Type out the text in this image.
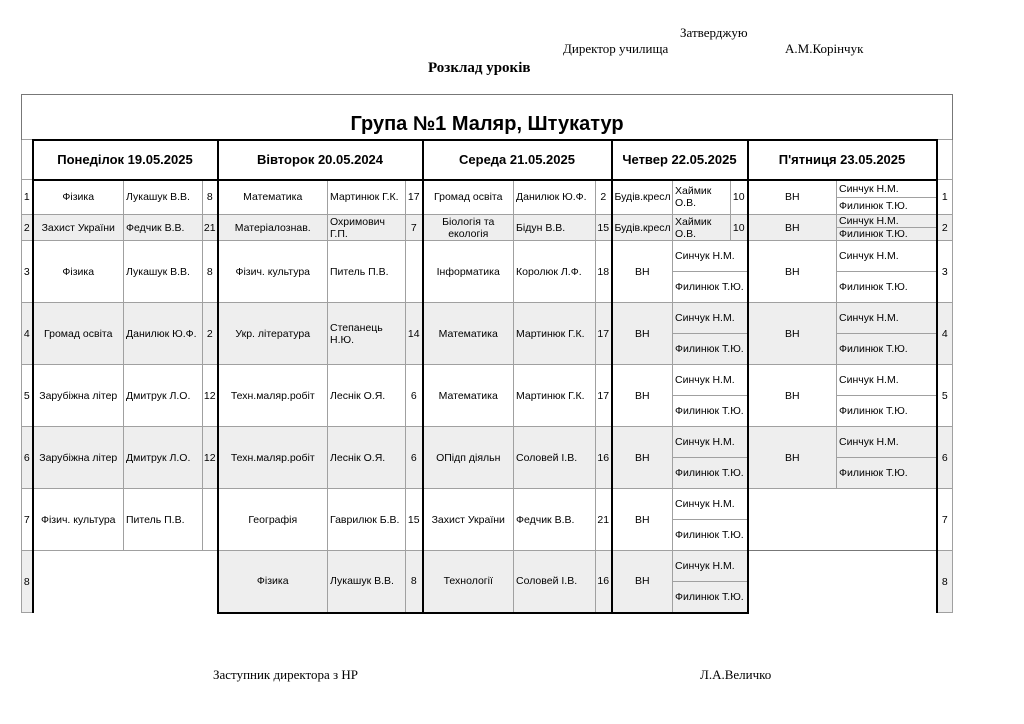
Затверджую
Директор училища	А.М.Корінчук
Розклад уроків
Група №1 Маляр, Штукатур															

	Понеділок 19.05.2025			Вівторок 20.05.2024			Середа 21.05.2025			Четвер 22.05.2025			П'ятниця 23.05.2025		
1	Фізика	Лукашук В.В.	8	Математика	Мартинюк Г.К.	17	Громад освіта	Данилюк Ю.Ф.	2	Будів.кресл	Хаймик О.В.	10	ВН	Синчук Н.М.	1
														Филинюк Т.Ю.	
2	Захист України	Федчик В.В.	21	Матеріалознав.	Охримович Г.П.	7	Біологія та екологія	Бідун В.В.	15	Будів.кресл	Хаймик О.В.	10	ВН	Синчук Н.М.	2
														Филинюк Т.Ю.	
3	Фізика	Лукашук В.В.	8	Фізич. культура	Питель П.В.		Інформатика	Королюк Л.Ф.	18	ВН	Синчук Н.М.		ВН	Синчук Н.М.	3
											Филинюк Т.Ю.			Филинюк Т.Ю.	
4	Громад освіта	Данилюк Ю.Ф.	2	Укр. література	Степанець Н.Ю.	14	Математика	Мартинюк Г.К.	17	ВН	Синчук Н.М.		ВН	Синчук Н.М.	4
											Филинюк Т.Ю.			Филинюк Т.Ю.	
5	Зарубіжна літер	Дмитрук Л.О.	12	Техн.маляр.робіт	Леснік О.Я.	6	Математика	Мартинюк Г.К.	17	ВН	Синчук Н.М.		ВН	Синчук Н.М.	5
											Филинюк Т.Ю.			Филинюк Т.Ю.	
6	Зарубіжна літер	Дмитрук Л.О.	12	Техн.маляр.робіт	Леснік О.Я.	6	ОПідп діяльн	Соловей І.В.	16	ВН	Синчук Н.М.		ВН	Синчук Н.М.	6
											Филинюк Т.Ю.			Филинюк Т.Ю.	
7	Фізич. культура	Питель П.В.		Географія	Гаврилюк Б.В.	15	Захист України	Федчик В.В.	21	ВН	Синчук Н.М.				7
											Филинюк Т.Ю.				
8				Фізика	Лукашук В.В.	8	Технології	Соловей І.В.	16	ВН	Синчук Н.М.				8
											Филинюк Т.Ю.				
Заступник директора з НР	Л.А.Величко
